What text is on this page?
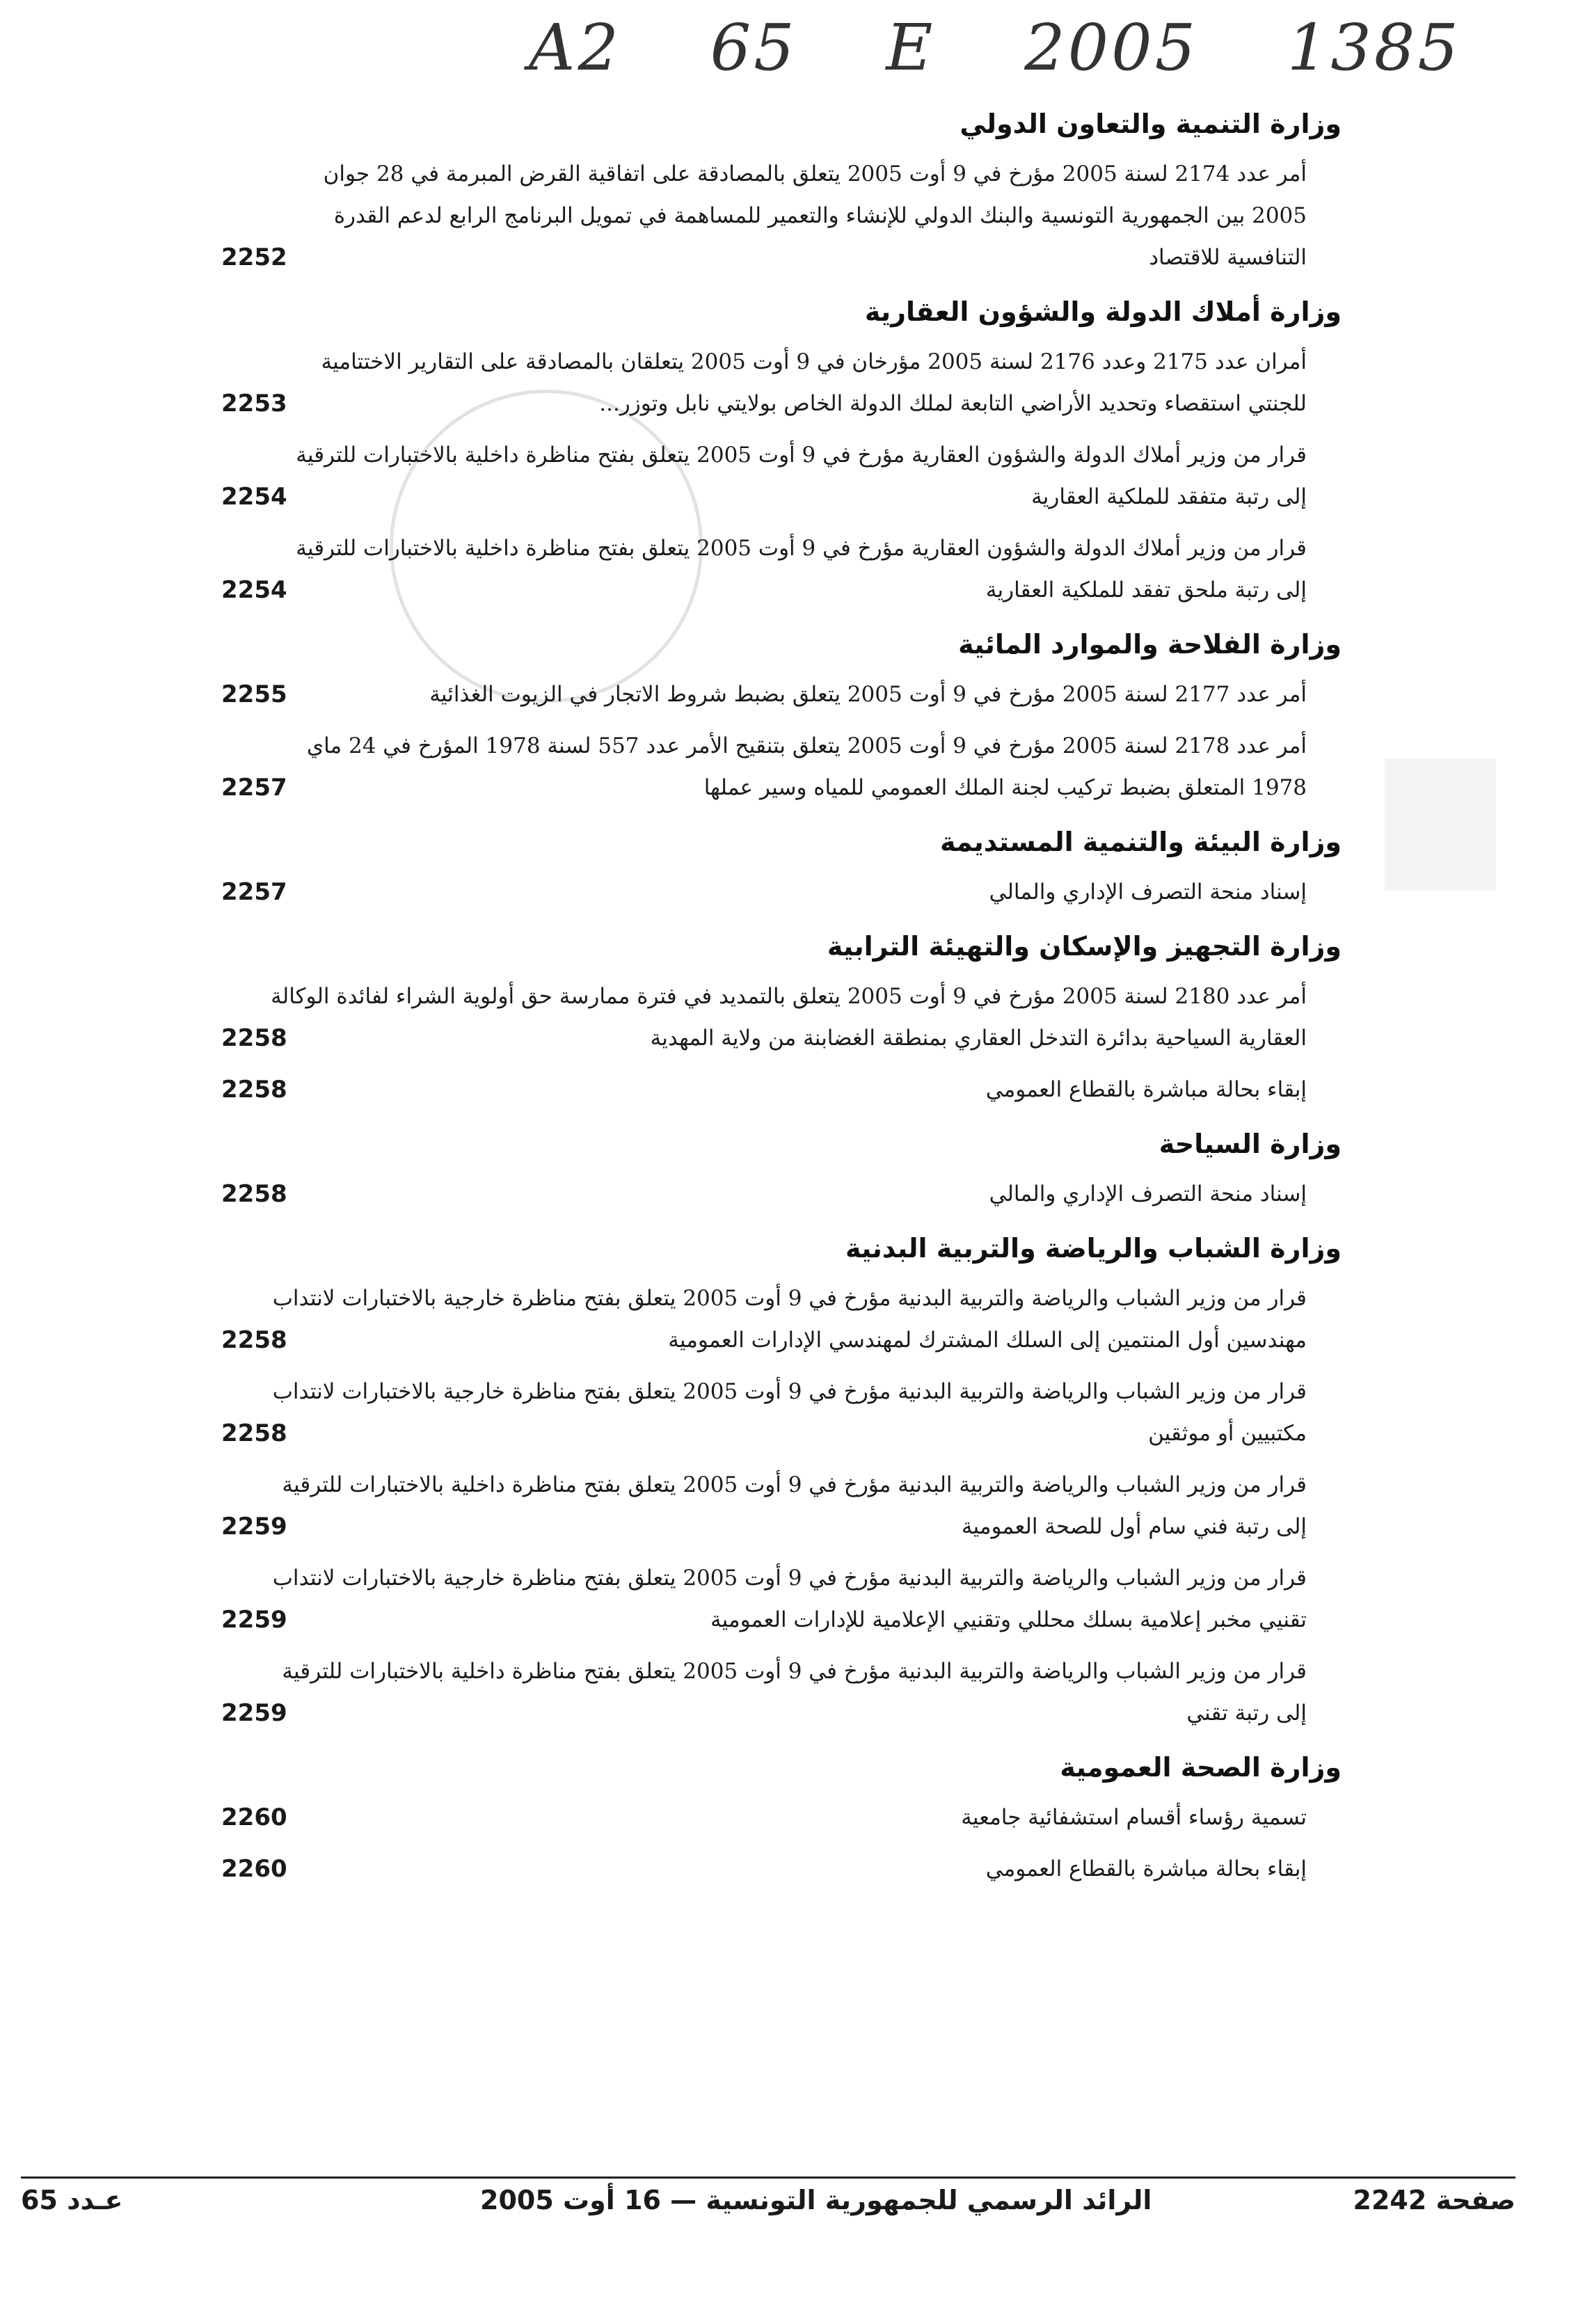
A2 65 E 2005 1385
وزارة التنمية والتعاون الدولي
أمر عدد 2174 لسنة 2005 مؤرخ في 9 أوت 2005 يتعلق بالمصادقة على اتفاقية القرض المبرمة في 28 جوان 2005 بين الجمهورية التونسية والبنك الدولي للإنشاء والتعمير للمساهمة في تمويل البرنامج الرابع لدعم القدرة التنافسية للاقتصاد
2252
وزارة أملاك الدولة والشؤون العقارية
أمران عدد 2175 وعدد 2176 لسنة 2005 مؤرخان في 9 أوت 2005 يتعلقان بالمصادقة على التقارير الاختتامية للجنتي استقصاء وتحديد الأراضي التابعة لملك الدولة الخاص بولايتي نابل وتوزر...
2253
قرار من وزير أملاك الدولة والشؤون العقارية مؤرخ في 9 أوت 2005 يتعلق بفتح مناظرة داخلية بالاختبارات للترقية إلى رتبة متفقد للملكية العقارية
2254
قرار من وزير أملاك الدولة والشؤون العقارية مؤرخ في 9 أوت 2005 يتعلق بفتح مناظرة داخلية بالاختبارات للترقية إلى رتبة ملحق تفقد للملكية العقارية
2254
وزارة الفلاحة والموارد المائية
أمر عدد 2177 لسنة 2005 مؤرخ في 9 أوت 2005 يتعلق بضبط شروط الاتجار في الزيوت الغذائية
2255
أمر عدد 2178 لسنة 2005 مؤرخ في 9 أوت 2005 يتعلق بتنقيح الأمر عدد 557 لسنة 1978 المؤرخ في 24 ماي 1978 المتعلق بضبط تركيب لجنة الملك العمومي للمياه وسير عملها
2257
وزارة البيئة والتنمية المستديمة
إسناد منحة التصرف الإداري والمالي
2257
وزارة التجهيز والإسكان والتهيئة الترابية
أمر عدد 2180 لسنة 2005 مؤرخ في 9 أوت 2005 يتعلق بالتمديد في فترة ممارسة حق أولوية الشراء لفائدة الوكالة العقارية السياحية بدائرة التدخل العقاري بمنطقة الغضابنة من ولاية المهدية
2258
إبقاء بحالة مباشرة بالقطاع العمومي
2258
وزارة السياحة
إسناد منحة التصرف الإداري والمالي
2258
وزارة الشباب والرياضة والتربية البدنية
قرار من وزير الشباب والرياضة والتربية البدنية مؤرخ في 9 أوت 2005 يتعلق بفتح مناظرة خارجية بالاختبارات لانتداب مهندسين أول المنتمين إلى السلك المشترك لمهندسي الإدارات العمومية
2258
قرار من وزير الشباب والرياضة والتربية البدنية مؤرخ في 9 أوت 2005 يتعلق بفتح مناظرة خارجية بالاختبارات لانتداب مكتبيين أو موثقين
2258
قرار من وزير الشباب والرياضة والتربية البدنية مؤرخ في 9 أوت 2005 يتعلق بفتح مناظرة داخلية بالاختبارات للترقية إلى رتبة فني سام أول للصحة العمومية
2259
قرار من وزير الشباب والرياضة والتربية البدنية مؤرخ في 9 أوت 2005 يتعلق بفتح مناظرة خارجية بالاختبارات لانتداب تقنيي مخبر إعلامية بسلك محللي وتقنيي الإعلامية للإدارات العمومية
2259
قرار من وزير الشباب والرياضة والتربية البدنية مؤرخ في 9 أوت 2005 يتعلق بفتح مناظرة داخلية بالاختبارات للترقية إلى رتبة تقني
2259
وزارة الصحة العمومية
تسمية رؤساء أقسام استشفائية جامعية
2260
إبقاء بحالة مباشرة بالقطاع العمومي
2260
صفحة 2242
الرائد الرسمي للجمهورية التونسية — 16 أوت 2005
عـدد 65
